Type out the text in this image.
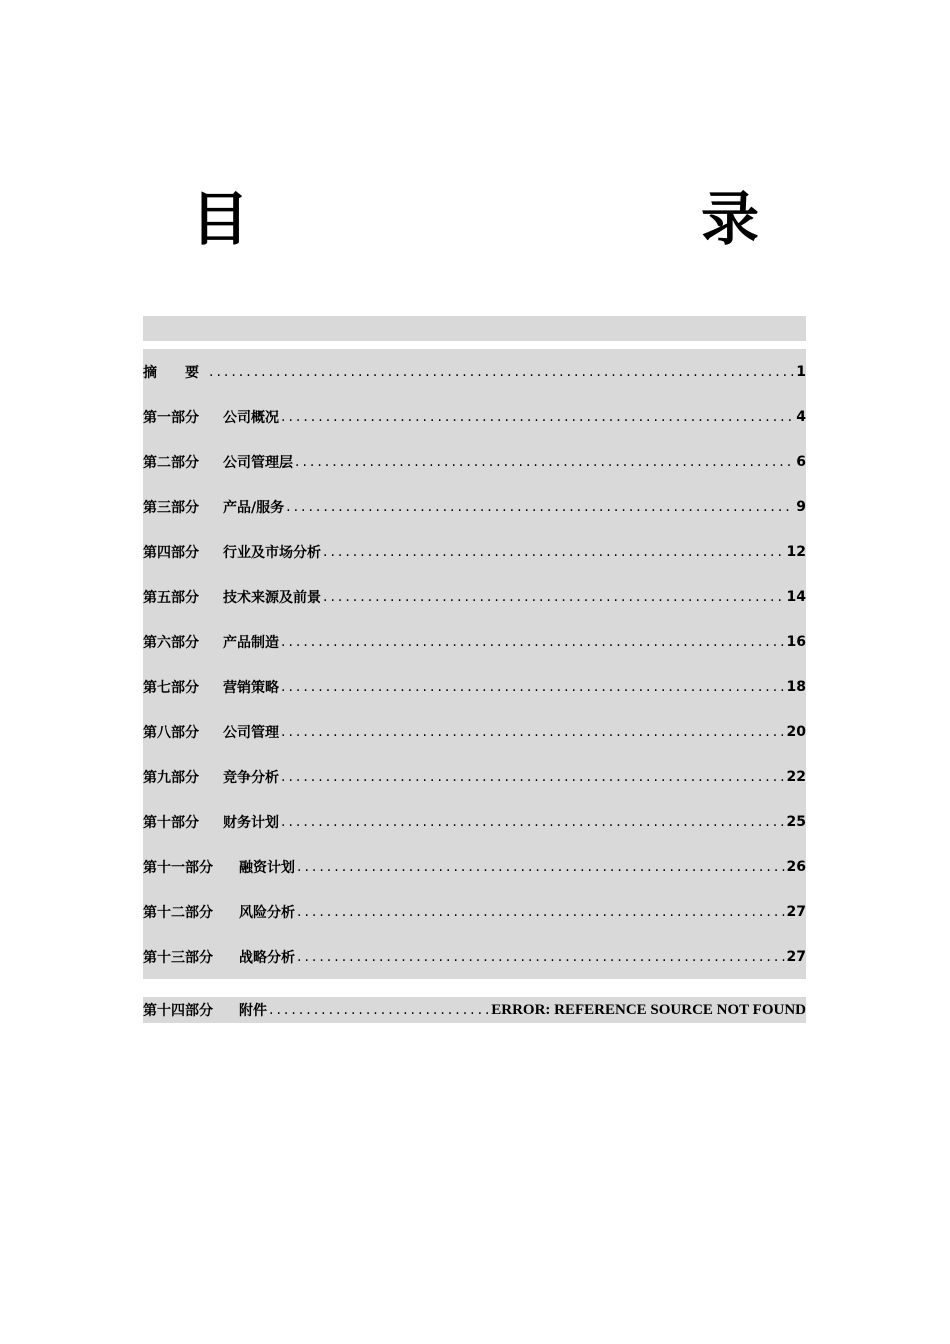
目　　录
摘　　要 .....	1
第一部分	公司概况 .....	4
第二部分	公司管理层 .....	6
第三部分	产品/服务 .....	9
第四部分	行业及市场分析 .....	12
第五部分	技术来源及前景 .....	14
第六部分	产品制造 .....	16
第七部分	营销策略 .....	18
第八部分	公司管理 .....	20
第九部分	竞争分析 .....	22
第十部分	财务计划 .....	25
第十一部分	融资计划 .....	26
第十二部分	风险分析 .....	27
第十三部分	战略分析 .....	27
第十四部分	附件 .....	ERROR: REFERENCE SOURCE NOT FOUND
